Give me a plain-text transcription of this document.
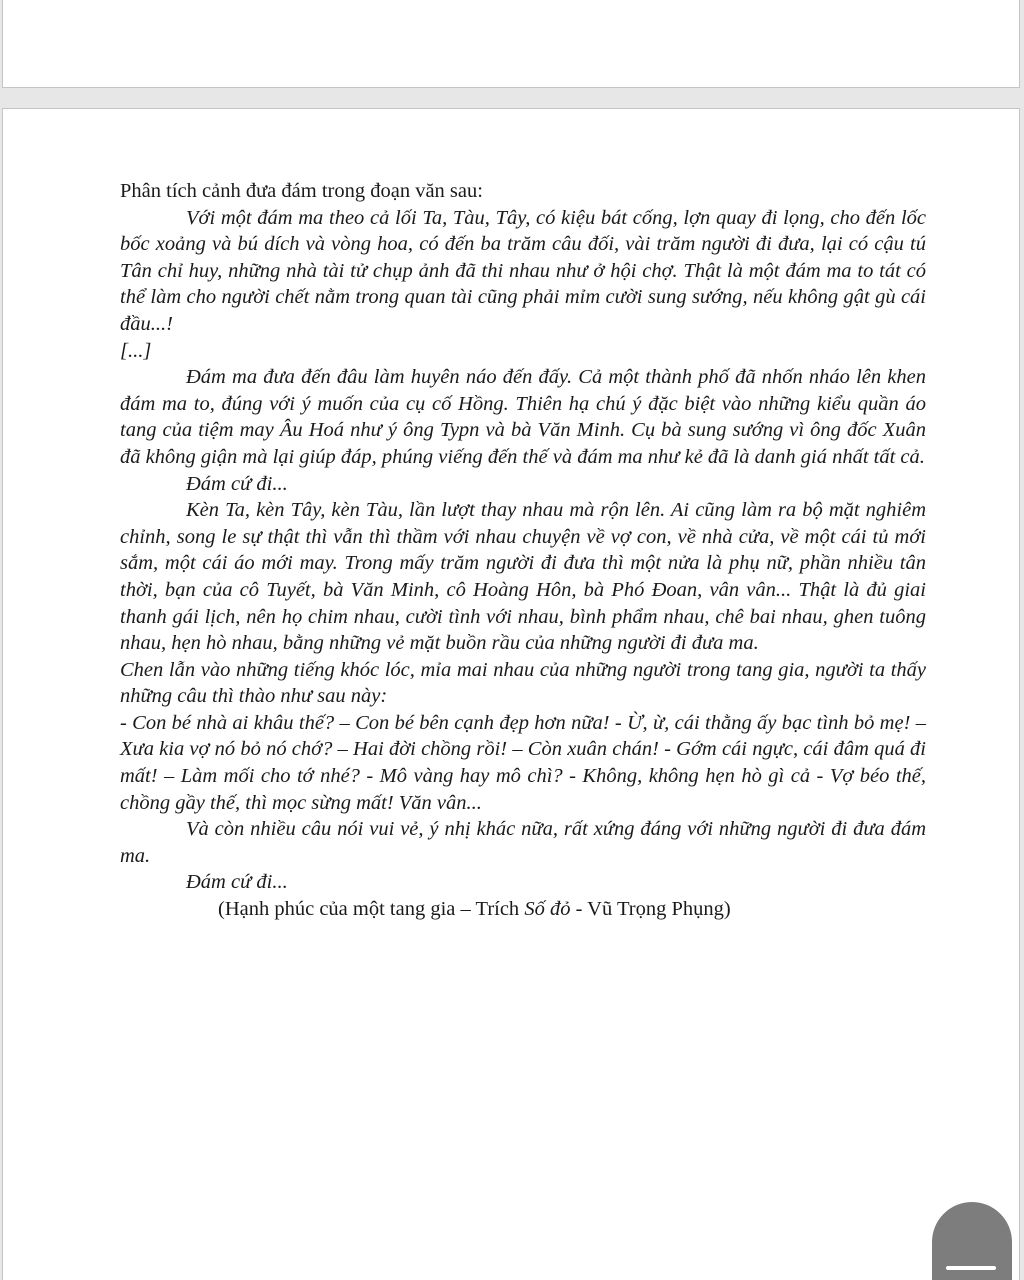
Phân tích cảnh đưa đám trong đoạn văn sau:

Với một đám ma theo cả lối Ta, Tàu, Tây, có kiệu bát cống, lợn quay đi lọng, cho đến lốc bốc xoảng và bú dích và vòng hoa, có đến ba trăm câu đối, vài trăm người đi đưa, lại có cậu tú Tân chỉ huy, những nhà tài tử chụp ảnh đã thi nhau như ở hội chợ. Thật là một đám ma to tát có thể làm cho người chết nằm trong quan tài cũng phải mỉm cười sung sướng, nếu không gật gù cái đầu...!

[...]

Đám ma đưa đến đâu làm huyên náo đến đấy. Cả một thành phố đã nhốn nháo lên khen đám ma to, đúng với ý muốn của cụ cố Hồng. Thiên hạ chú ý đặc biệt vào những kiểu quần áo tang của tiệm may Âu Hoá như ý ông Typn và bà Văn Minh. Cụ bà sung sướng vì ông đốc Xuân đã không giận mà lại giúp đáp, phúng viếng đến thế và đám ma như kẻ đã là danh giá nhất tất cả.

Đám cứ đi...

Kèn Ta, kèn Tây, kèn Tàu, lần lượt thay nhau mà rộn lên. Ai cũng làm ra bộ mặt nghiêm chỉnh, song le sự thật thì vẫn thì thầm với nhau chuyện về vợ con, về nhà cửa, về một cái tủ mới sắm, một cái áo mới may. Trong mấy trăm người đi đưa thì một nửa là phụ nữ, phần nhiều tân thời, bạn của cô Tuyết, bà Văn Minh, cô Hoàng Hôn, bà Phó Đoan, vân vân... Thật là đủ giai thanh gái lịch, nên họ chim nhau, cười tình với nhau, bình phẩm nhau, chê bai nhau, ghen tuông nhau, hẹn hò nhau, bằng những vẻ mặt buồn rầu của những người đi đưa ma.

Chen lẫn vào những tiếng khóc lóc, mỉa mai nhau của những người trong tang gia, người ta thấy những câu thì thào như sau này:

- Con bé nhà ai khâu thế? – Con bé bên cạnh đẹp hơn nữa! - Ừ, ừ, cái thằng ấy bạc tình bỏ mẹ! – Xưa kia vợ nó bỏ nó chớ? – Hai đời chồng rồi! – Còn xuân chán! - Gớm cái ngực, cái đâm quá đi mất! – Làm mối cho tớ nhé? - Mô vàng hay mô chì? - Không, không hẹn hò gì cả - Vợ béo thế, chồng gầy thế, thì mọc sừng mất! Văn vân...

Và còn nhiều câu nói vui vẻ, ý nhị khác nữa, rất xứng đáng với những người đi đưa đám ma.

Đám cứ đi...

(Hạnh phúc của một tang gia – Trích Số đỏ - Vũ Trọng Phụng)
